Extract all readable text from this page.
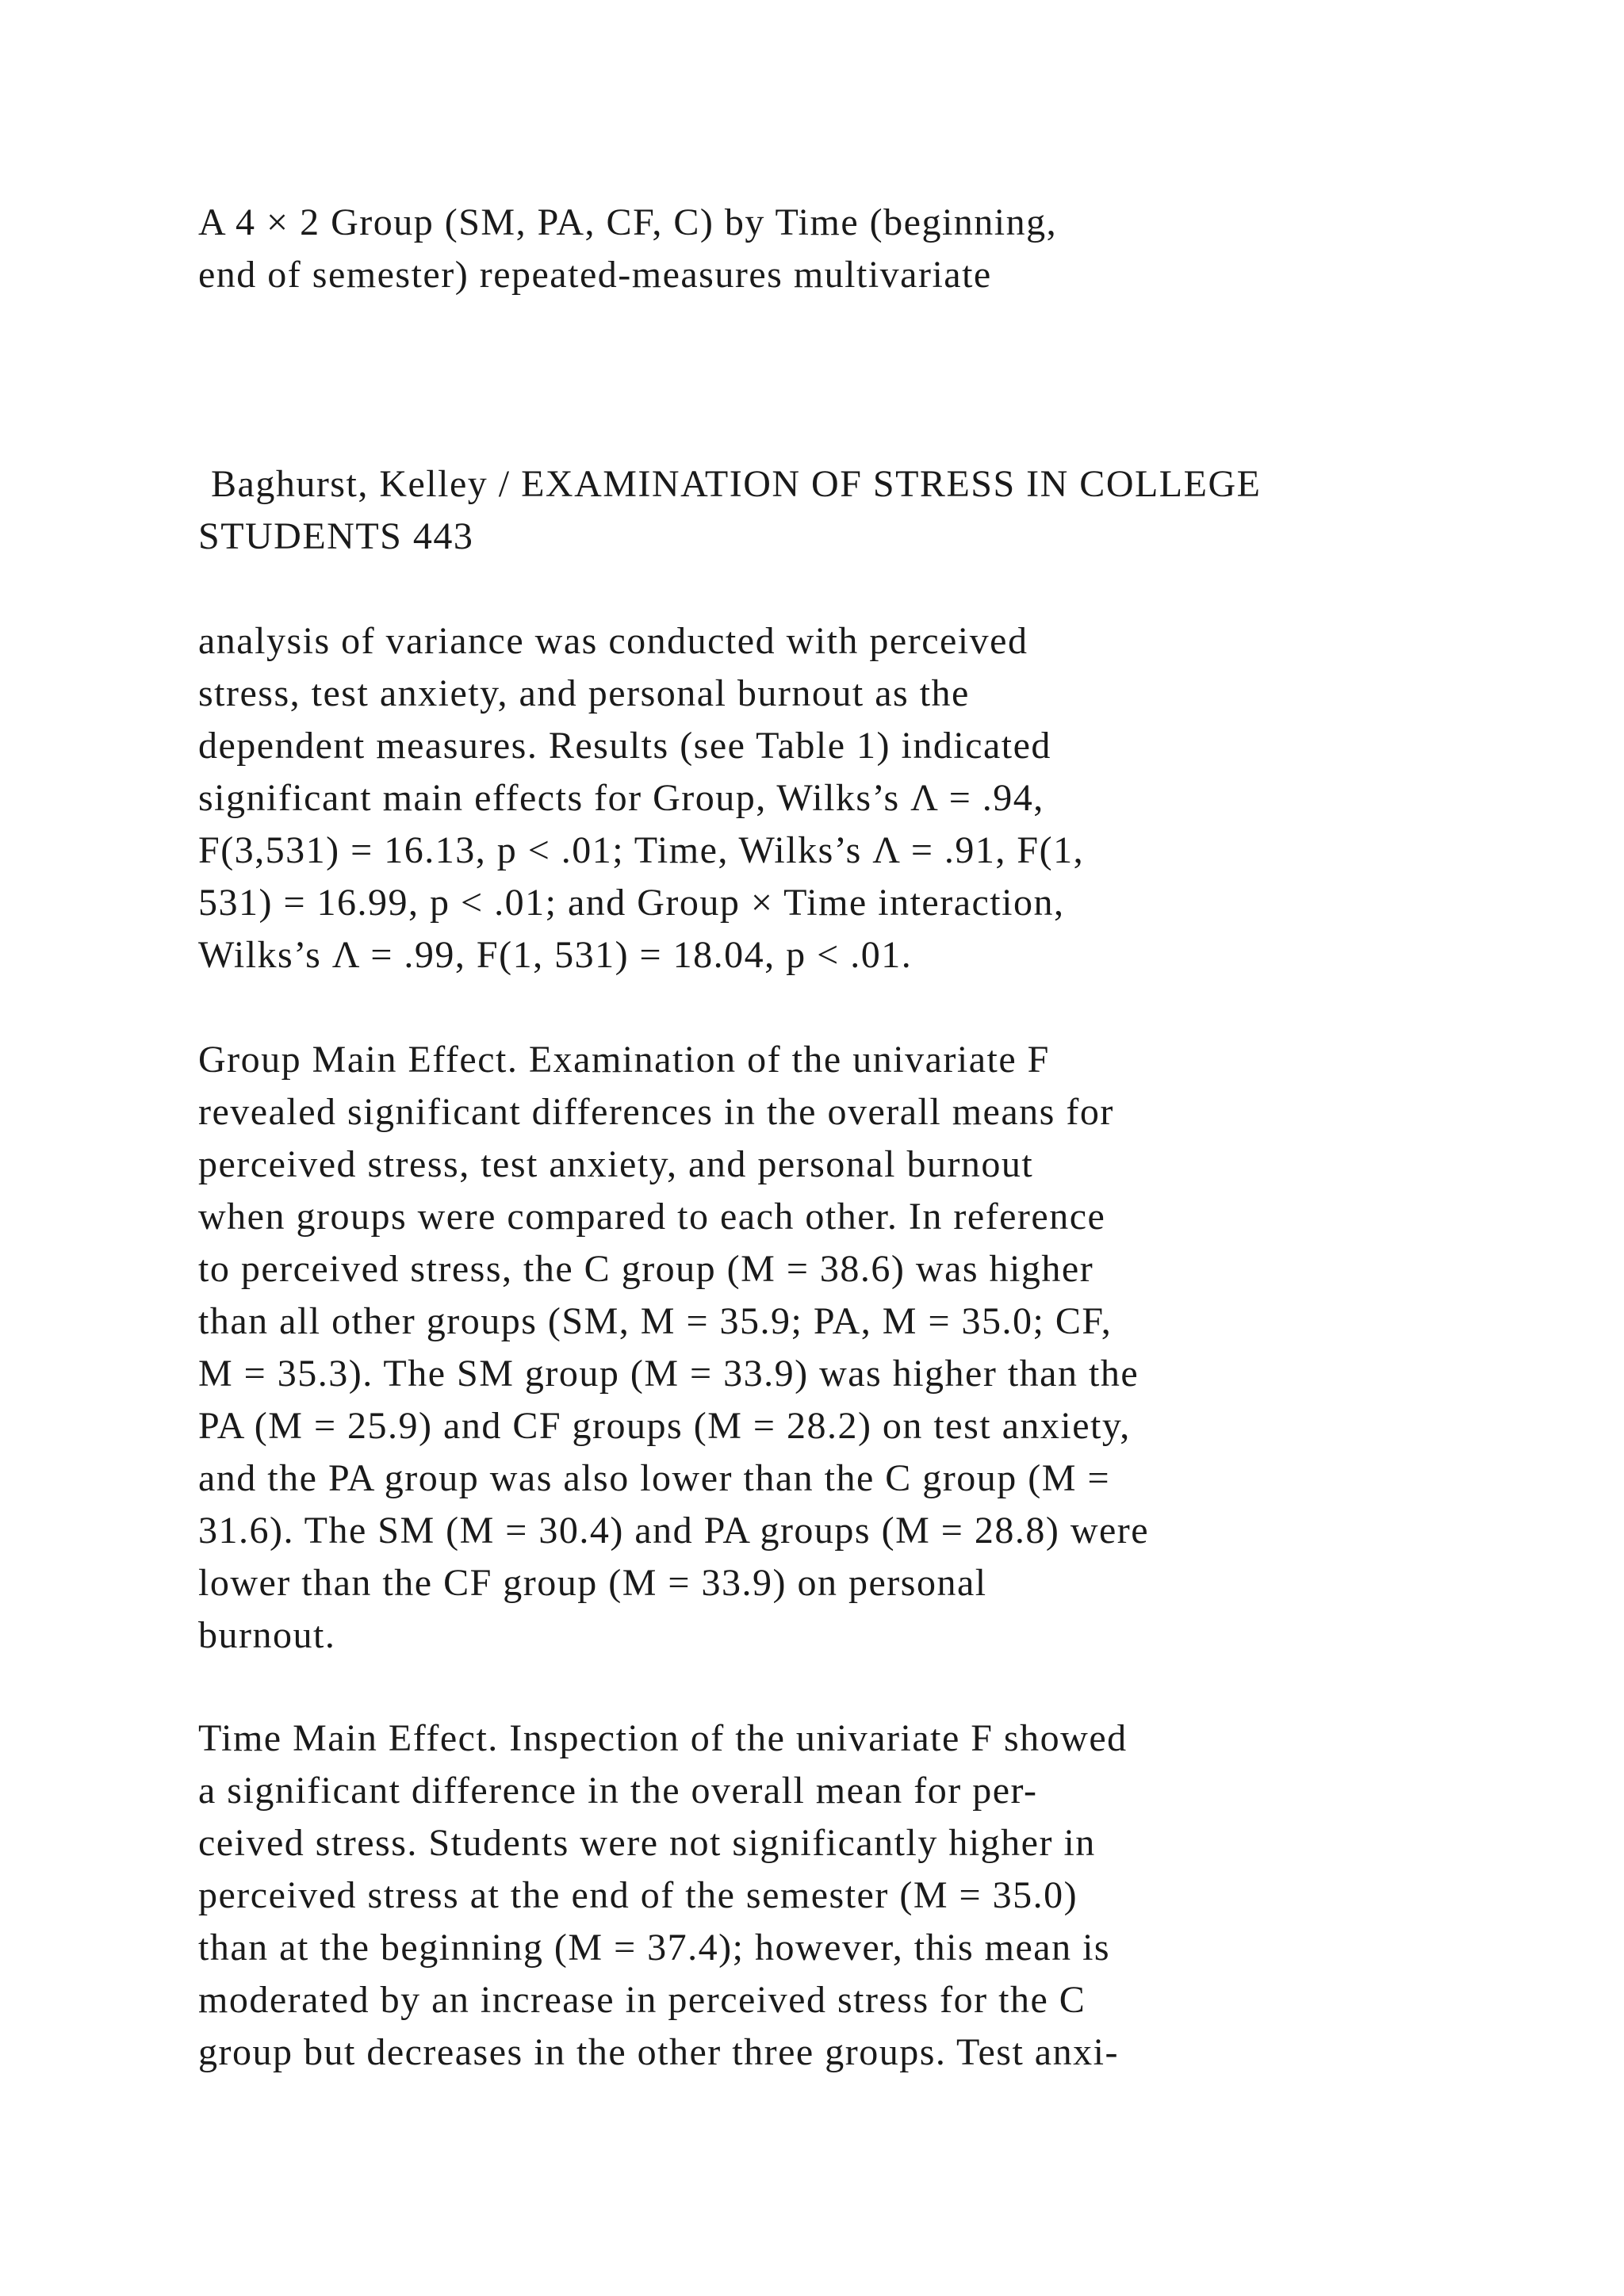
A 4 × 2 Group (SM, PA, CF, C) by Time (beginning,
end of semester) repeated-measures multivariate
Baghurst, Kelley / EXAMINATION OF STRESS IN COLLEGE
STUDENTS 443
analysis of variance was conducted with perceived
stress, test anxiety, and personal burnout as the
dependent measures. Results (see Table 1) indicated
significant main effects for Group, Wilks’s Λ = .94,
F(3,531) = 16.13, p < .01; Time, Wilks’s Λ = .91, F(1,
531) = 16.99, p < .01; and Group × Time interaction,
Wilks’s Λ = .99, F(1, 531) = 18.04, p < .01.
Group Main Effect. Examination of the univariate F
revealed significant differences in the overall means for
perceived stress, test anxiety, and personal burnout
when groups were compared to each other. In reference
to perceived stress, the C group (M = 38.6) was higher
than all other groups (SM, M = 35.9; PA, M = 35.0; CF,
M = 35.3). The SM group (M = 33.9) was higher than the
PA (M = 25.9) and CF groups (M = 28.2) on test anxiety,
and the PA group was also lower than the C group (M =
31.6). The SM (M = 30.4) and PA groups (M = 28.8) were
lower than the CF group (M = 33.9) on personal
burnout.
Time Main Effect. Inspection of the univariate F showed
a significant difference in the overall mean for per-
ceived stress. Students were not significantly higher in
perceived stress at the end of the semester (M = 35.0)
than at the beginning (M = 37.4); however, this mean is
moderated by an increase in perceived stress for the C
group but decreases in the other three groups. Test anxi-
